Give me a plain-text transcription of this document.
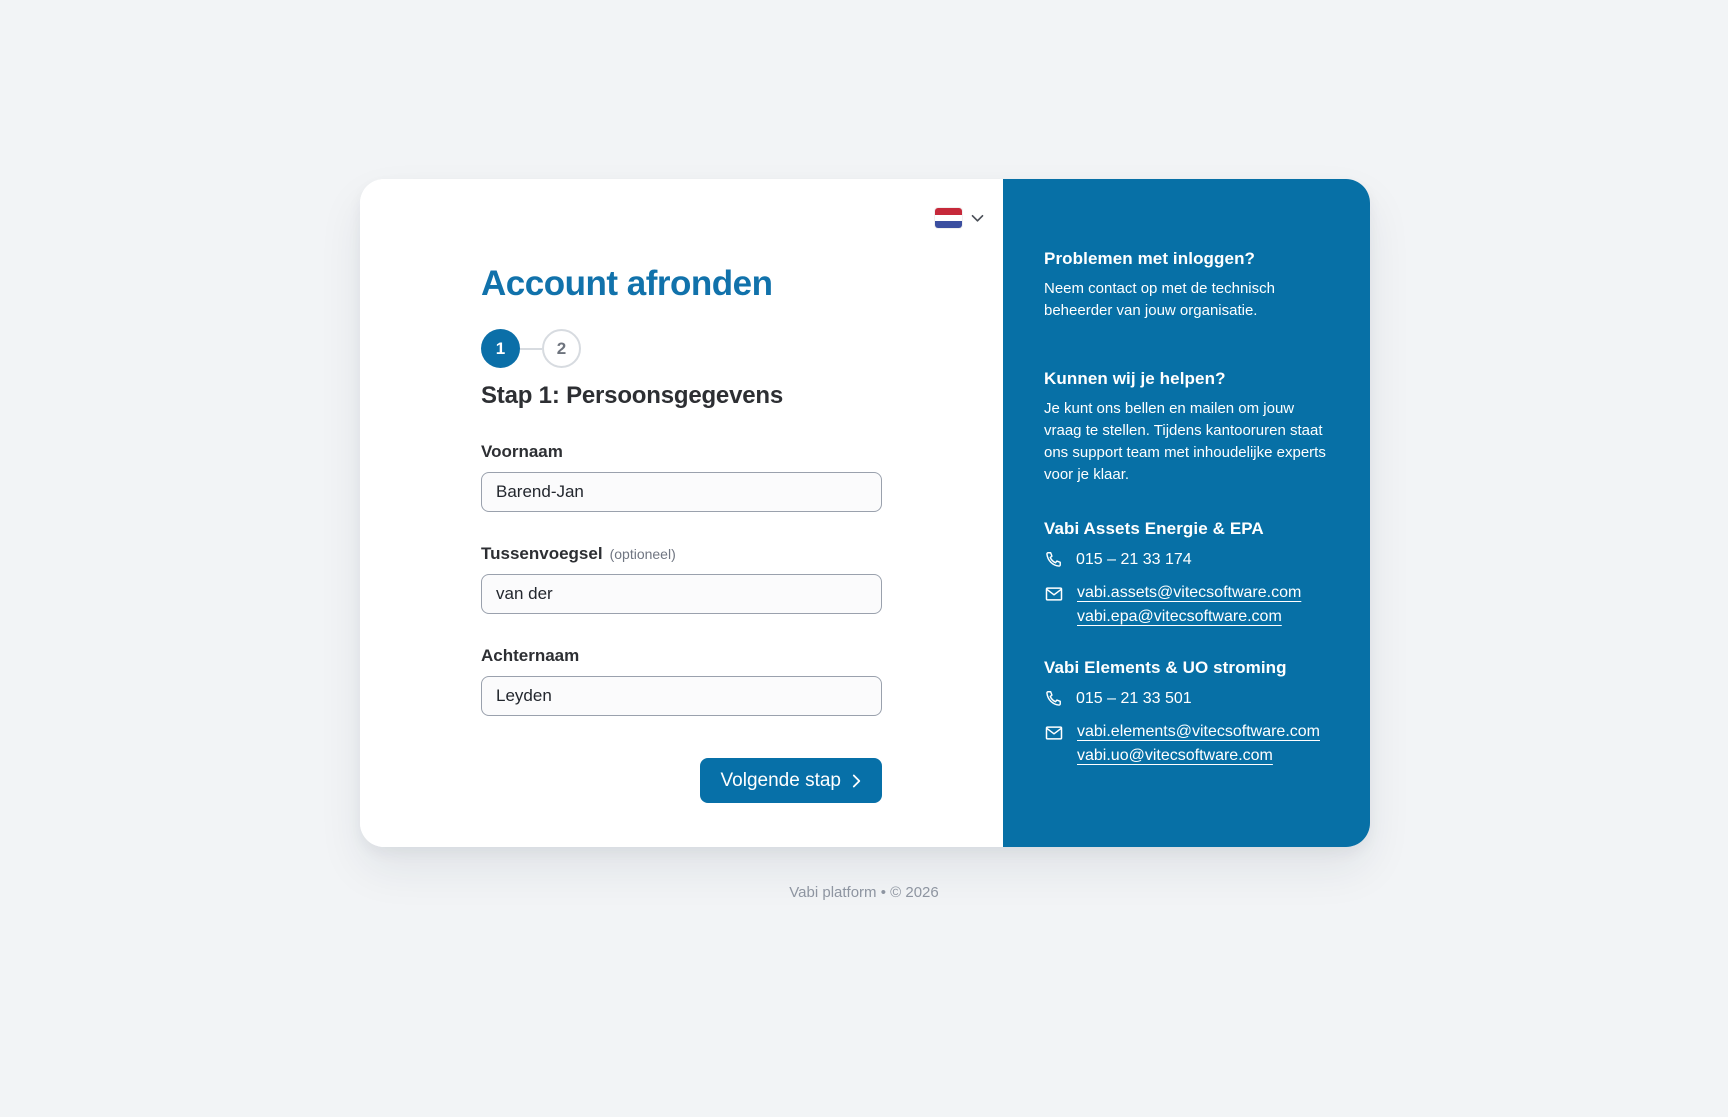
Account afronden
1	2
Stap 1: Persoonsgegevens
Voornaam
Barend-Jan
Tussenvoegsel (optioneel)
van der
Achternaam
Leyden
Volgende stap
Problemen met inloggen?

Neem contact op met de technisch beheerder van jouw organisatie.

Kunnen wij je helpen?

Je kunt ons bellen en mailen om jouw vraag te stellen. Tijdens kantooruren staat ons support team met inhoudelijke experts voor je klaar.

Vabi Assets Energie & EPA
015 – 21 33 174
vabi.assets@vitecsoftware.com
vabi.epa@vitecsoftware.com
Vabi Elements & UO stroming
015 – 21 33 501
vabi.elements@vitecsoftware.com
vabi.uo@vitecsoftware.com
Vabi platform • © 2026
